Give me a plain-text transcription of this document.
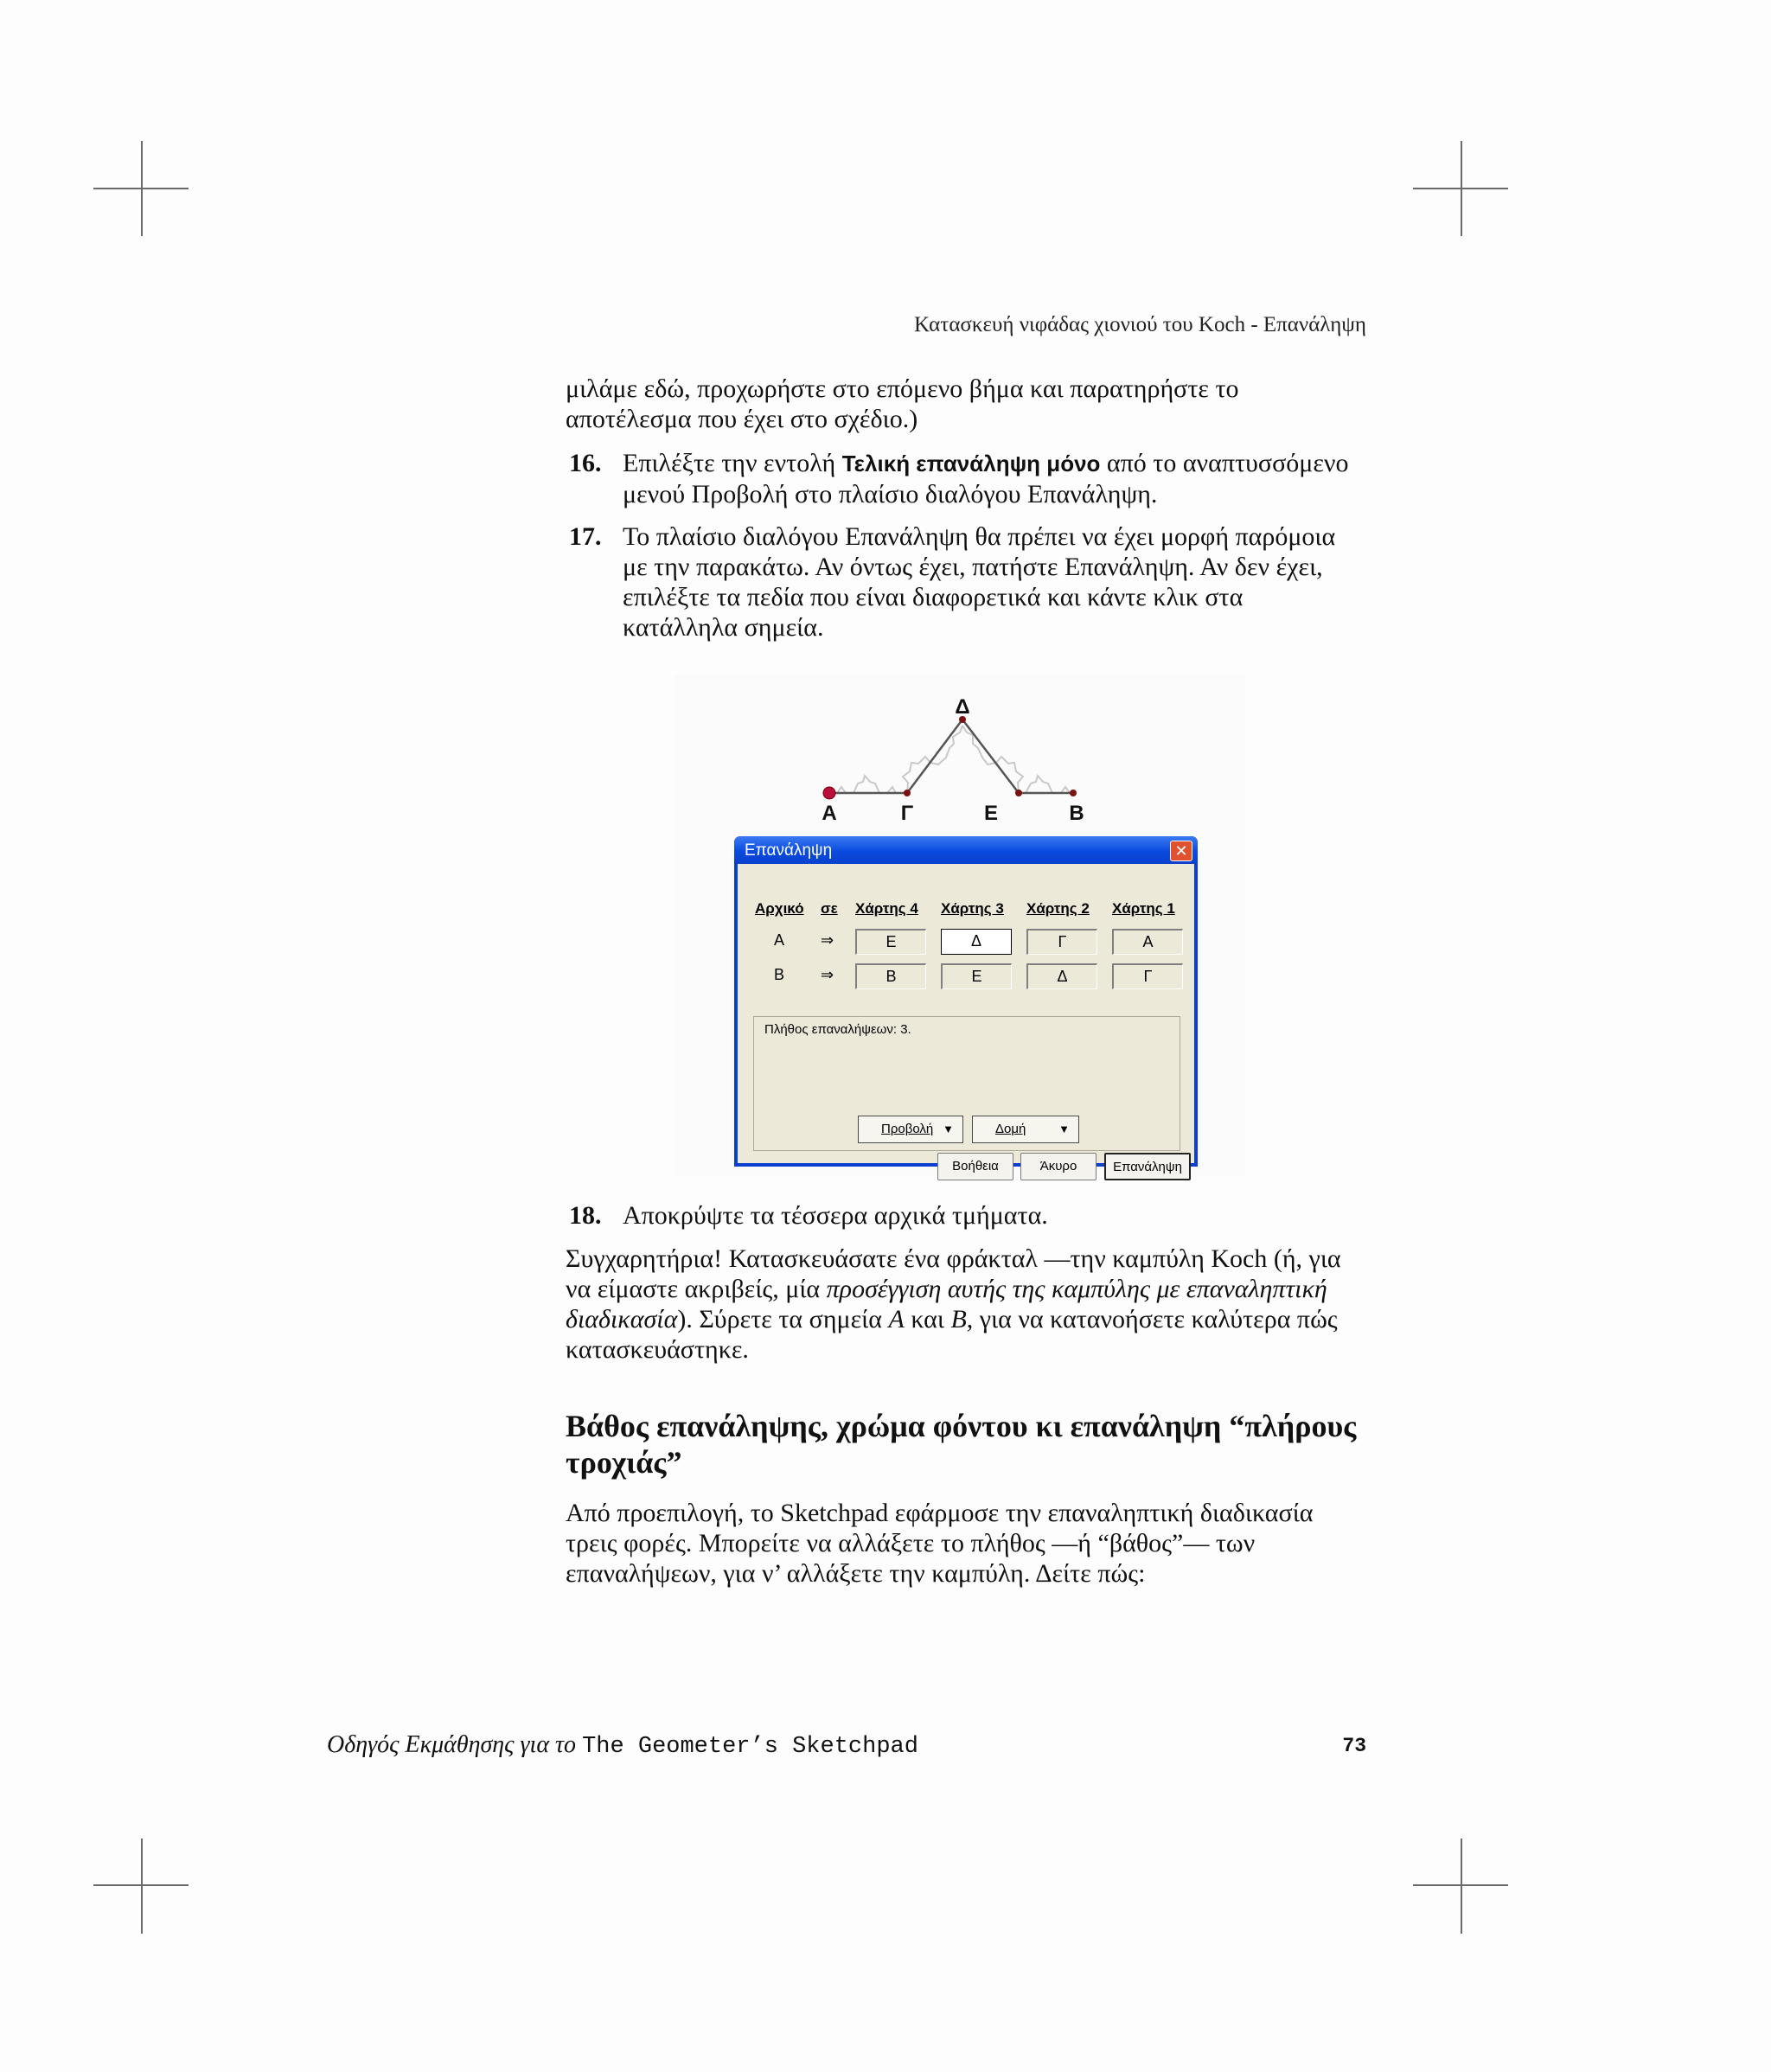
Κατασκευή νιφάδας χιονιού του Koch - Επανάληψη
μιλάμε εδώ, προχωρήστε στο επόμενο βήμα και παρατηρήστε το αποτέλεσμα που έχει στο σχέδιο.)
16. Επιλέξτε την εντολή Τελική επανάληψη μόνο από το αναπτυσσόμενο μενού Προβολή στο πλαίσιο διαλόγου Επανάληψη.
17. Το πλαίσιο διαλόγου Επανάληψη θα πρέπει να έχει μορφή παρόμοια με την παρακάτω. Αν όντως έχει, πατήστε Επανάληψη. Αν δεν έχει, επιλέξτε τα πεδία που είναι διαφορετικά και κάντε κλικ στα κατάλληλα σημεία.
Α	Γ
Δ
Ε	Β
Επανάληψη	✕
Αρχικό σε Χάρτης 4 Χάρτης 3 Χάρτης 2 Χάρτης 1
Α ⇒	Ε	Δ	Γ	Α
Β ⇒	Β	Ε	Δ	Γ
Πλήθος επαναλήψεων: 3.
Προβολή ▼	Δομή	▼
Βοήθεια	Άκυρο	Επανάληψη
18. Αποκρύψτε τα τέσσερα αρχικά τμήματα.
Συγχαρητήρια! Κατασκευάσατε ένα φράκταλ —την καμπύλη Koch (ή, για να είμαστε ακριβείς, μία προσέγγιση αυτής της καμπύλης με επαναληπτική διαδικασία). Σύρετε τα σημεία A και B, για να κατανοήσετε καλύτερα πώς κατασκευάστηκε.
Βάθος επανάληψης, χρώμα φόντου κι επανάληψη “πλήρους τροχιάς”
Από προεπιλογή, το Sketchpad εφάρμοσε την επαναληπτική διαδικασία τρεις φορές. Μπορείτε να αλλάξετε το πλήθος —ή “βάθος”— των επαναλήψεων, για ν’ αλλάξετε την καμπύλη. Δείτε πώς:
Οδηγός Εκμάθησης για το The Geometer’s Sketchpad	73
